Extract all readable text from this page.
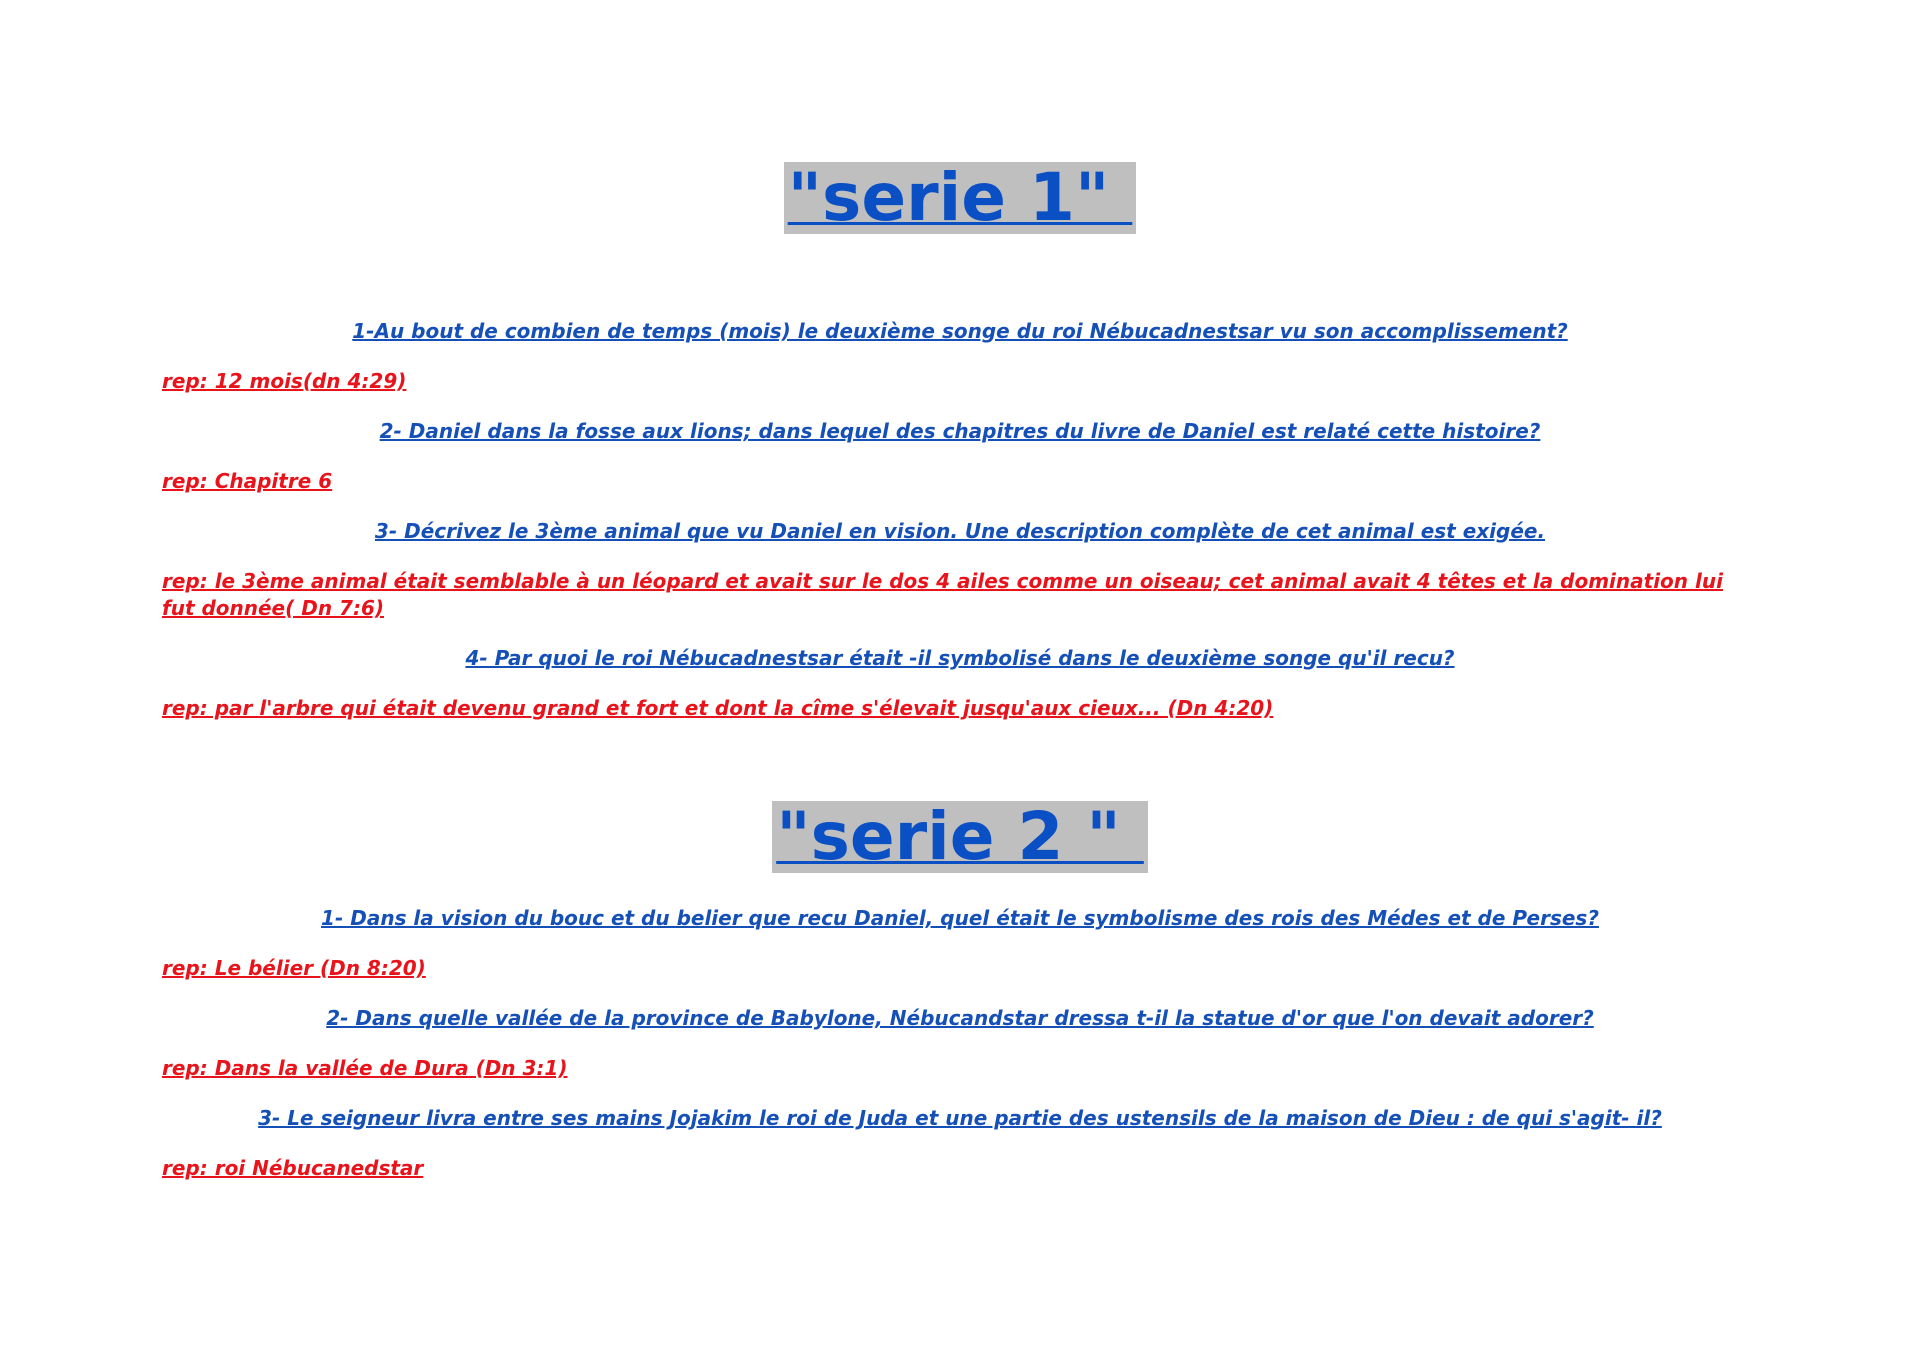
"serie 1"
1-Au bout de combien de temps (mois) le deuxième songe du roi Nébucadnestsar vu son accomplissement?
rep: 12 mois(dn 4:29)
2- Daniel dans la fosse aux lions; dans lequel des chapitres du livre de Daniel est relaté cette histoire?
rep: Chapitre 6
3- Décrivez le 3ème animal que vu Daniel en vision. Une description complète de cet animal est exigée.
rep: le 3ème animal était semblable à un léopard et avait sur le dos 4 ailes comme un oiseau; cet animal avait 4 têtes et la domination lui fut donnée( Dn 7:6)
4- Par quoi le roi Nébucadnestsar était -il symbolisé dans le deuxième songe qu'il recu?
rep: par l'arbre qui était devenu grand et fort et dont la cîme s'élevait jusqu'aux cieux... (Dn 4:20)
"serie 2 "
1- Dans la vision du bouc et du belier que recu Daniel, quel était le symbolisme des rois des Médes et de Perses?
rep: Le bélier (Dn 8:20)
2- Dans quelle vallée de la province de Babylone, Nébucandstar dressa t-il la statue d'or que l'on devait adorer?
rep: Dans la vallée de Dura (Dn 3:1)
3- Le seigneur livra entre ses mains Jojakim le roi de Juda et une partie des ustensils de la maison de Dieu : de qui s'agit- il?
rep: roi Nébucanedstar
